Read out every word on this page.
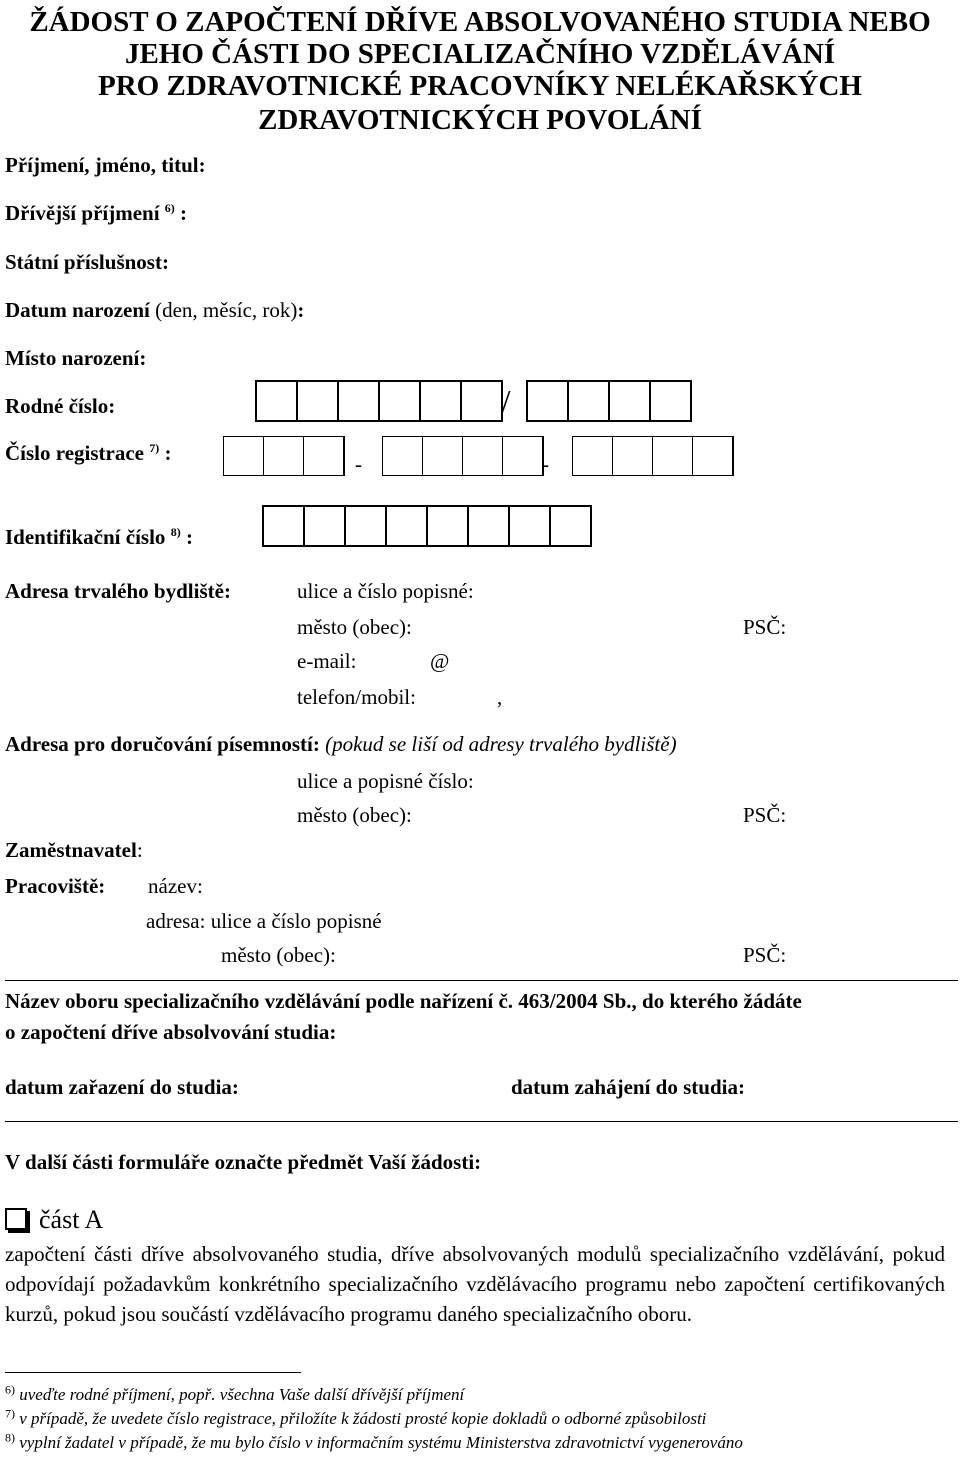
ŽÁDOST O ZAPOČTENÍ DŘÍVE ABSOLVOVANÉHO STUDIA NEBO
JEHO ČÁSTI DO SPECIALIZAČNÍHO VZDĚLÁVÁNÍ
PRO ZDRAVOTNICKÉ PRACOVNÍKY NELÉKAŘSKÝCH
ZDRAVOTNICKÝCH POVOLÁNÍ
Příjmení, jméno, titul:
Dřívější příjmení $^{6)}$ :
Státní příslušnost:
Datum narození (den, měsíc, rok):
Místo narození:
Rodné číslo:	/
Číslo registrace $^{7)}$ :	-	-
Identifikační číslo $^{8)}$ :
Adresa trvalého bydliště:	ulice a číslo popisné:
město (obec):	PSČ:
e-mail:	@
telefon/mobil:	,
Adresa pro doručování písemností: (pokud se liší od adresy trvalého bydliště)
ulice a popisné číslo:
město (obec):	PSČ:
Zaměstnavatel:
Pracoviště: název:
adresa: ulice a číslo popisné
město (obec):	PSČ:
Název oboru specializačního vzdělávání podle nařízení č. 463/2004 Sb., do kterého žádáte
o započtení dříve absolvování studia:
datum zařazení do studia:	datum zahájení do studia:
V další části formuláře označte předmět Vaší žádosti:
část A
započtení části dříve absolvovaného studia, dříve absolvovaných modulů specializačního vzdělávání, pokud odpovídají požadavkům konkrétního specializačního vzdělávacího programu nebo započtení certifikovaných kurzů, pokud jsou součástí vzdělávacího programu daného specializačního oboru.
$^{6)}$ uveďte rodné příjmení, popř. všechna Vaše další dřívější příjmení
$^{7)}$ v případě, že uvedete číslo registrace, přiložíte k žádosti prosté kopie dokladů o odborné způsobilosti
$^{8)}$ vyplní žadatel v případě, že mu bylo číslo v informačním systému Ministerstva zdravotnictví vygenerováno
